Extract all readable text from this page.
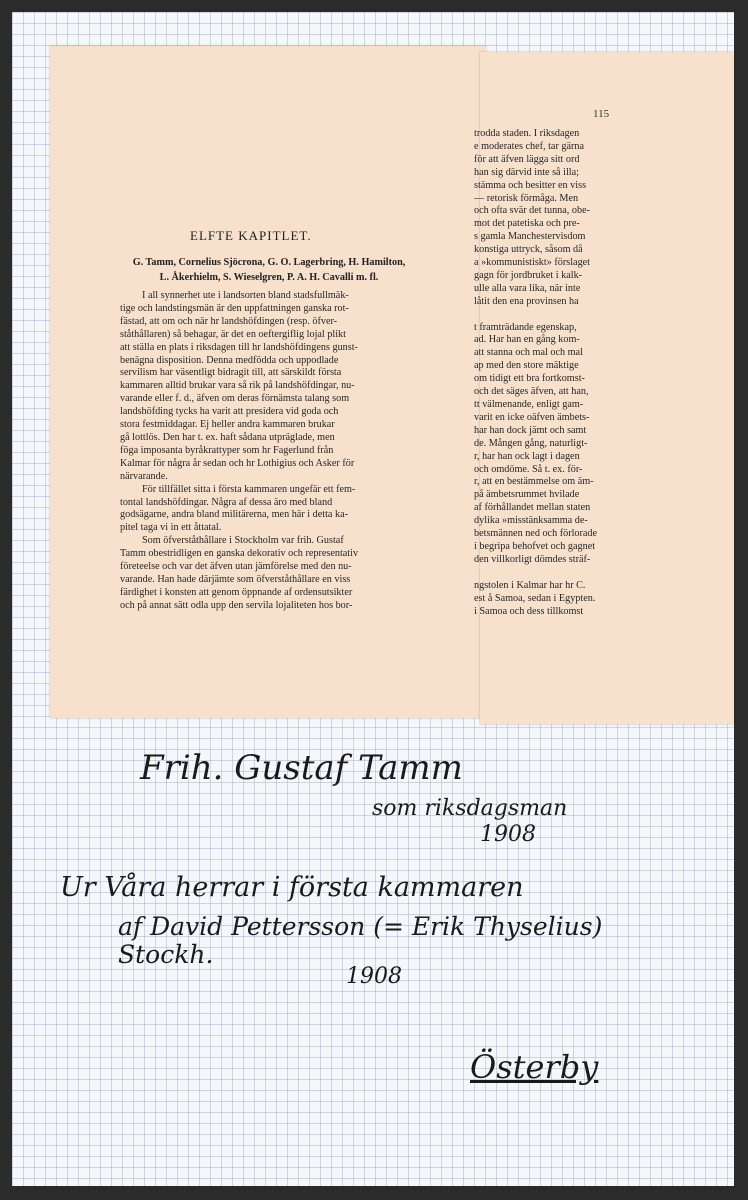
115
ELFTE KAPITLET.
G. Tamm, Cornelius Sjöcrona, G. O. Lagerbring, H. Hamilton,
L. Åkerhielm, S. Wieselgren, P. A. H. Cavalli m. fl.
I all synnerhet ute i landsorten bland stadsfullmäk-
tige och landstingsmän är den uppfattningen ganska rot-
fästad, att om och när hr landshöfdingen (resp. öfver-
ståthållaren) så behagar, är det en oeftergiflig lojal plikt
att ställa en plats i riksdagen till hr landshöfdingens gunst-
benägna disposition. Denna medfödda och uppodlade
servilism har väsentligt bidragit till, att särskildt första
kammaren alltid brukar vara så rik på landshöfdingar, nu-
varande eller f. d., äfven om deras förnämsta talang som
landshöfding tycks ha varit att presidera vid goda och
stora festmiddagar. Ej heller andra kammaren brukar
gå lottlös. Den har t. ex. haft sådana utpräglade, men
föga imposanta byråkrattyper som hr Fagerlund från
Kalmar för några år sedan och hr Lothigius och Asker för
närvarande.
För tillfället sitta i första kammaren ungefär ett fem-
tontal landshöfdingar. Några af dessa äro med bland
godsägarne, andra bland militärerna, men här i detta ka-
pitel taga vi in ett åttatal.
Som öfverståthållare i Stockholm var frih. Gustaf
Tamm obestridligen en ganska dekorativ och representativ
företeelse och var det äfven utan jämförelse med den nu-
varande. Han hade därjämte som öfverståthållare en viss
färdighet i konsten att genom öppnande af ordensutsikter
och på annat sätt odla upp den servila lojaliteten hos bor-
trodda staden. I riksdagen
e moderates chef, tar gärna
för att äfven lägga sitt ord
han sig därvid inte så illa;
stämma och besitter en viss
— retorisk förmåga. Men
och ofta svär det tunna, obe-
mot det patetiska och pre-
s gamla Manchestervisdom
konstiga uttryck, såsom då
a »kommunistiskt» förslaget
gagn för jordbruket i kalk-
ulle alla vara lika, när inte
låtit den ena provinsen ha
t framträdande egenskap,
ad. Har han en gång kom-
att stanna och mal och mal
ap med den store mäktige
om tidigt ett bra fortkomst-
och det säges äfven, att han,
tt välmenande, enligt gam-
varit en icke oäfven ämbets-
har han dock jämt och samt
de. Mången gång, naturligt-
r, har han ock lagt i dagen
och omdöme. Så t. ex. för-
r, att en bestämmelse om äm-
på ämbetsrummet hvilade
af förhållandet mellan staten
dylika »misstänksamma de-
betsmännen ned och förlorade
i begripa behofvet och gagnet
den villkorligt dömdes sträf-
ngstolen i Kalmar har hr C.
est å Samoa, sedan i Egypten.
i Samoa och dess tillkomst
Frih. Gustaf Tamm
som riksdagsman
1908
Ur Våra herrar i första kammaren
af David Pettersson (= Erik Thyselius)
Stockh.
1908
Österby
